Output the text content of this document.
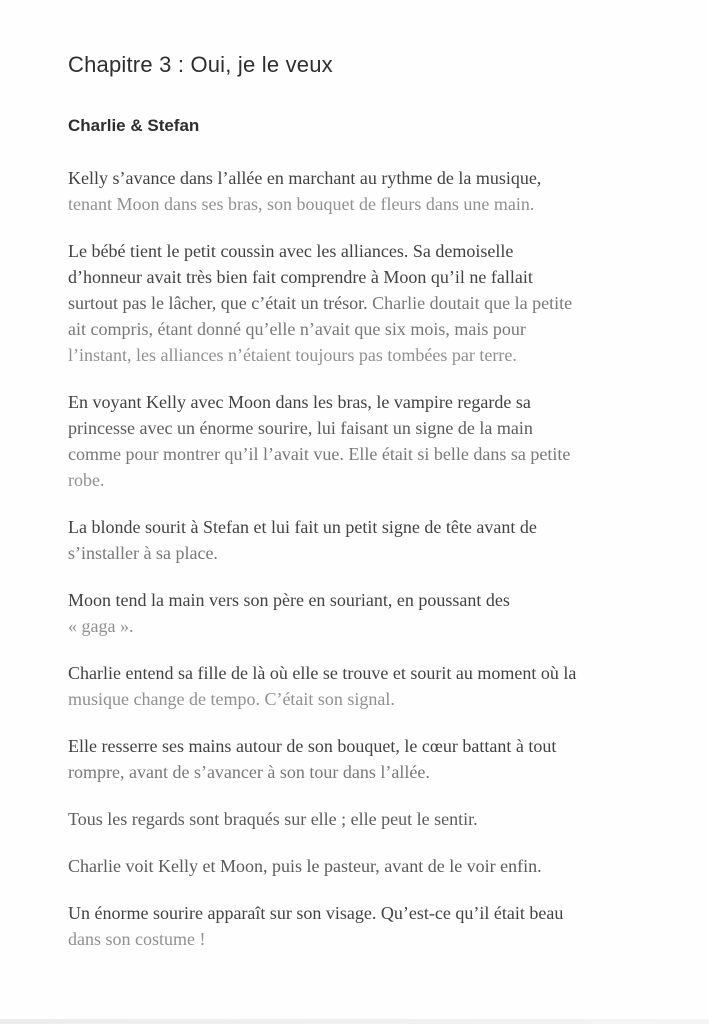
Chapitre 3 : Oui, je le veux
Charlie & Stefan
Kelly s’avance dans l’allée en marchant au rythme de la musique,
tenant Moon dans ses bras, son bouquet de fleurs dans une main.
Le bébé tient le petit coussin avec les alliances. Sa demoiselle
d’honneur avait très bien fait comprendre à Moon qu’il ne fallait
surtout pas le lâcher, que c’était un trésor. Charlie doutait que la petite
ait compris, étant donné qu’elle n’avait que six mois, mais pour
l’instant, les alliances n’étaient toujours pas tombées par terre.
En voyant Kelly avec Moon dans les bras, le vampire regarde sa
princesse avec un énorme sourire, lui faisant un signe de la main
comme pour montrer qu’il l’avait vue. Elle était si belle dans sa petite
robe.
La blonde sourit à Stefan et lui fait un petit signe de tête avant de
s’installer à sa place.
Moon tend la main vers son père en souriant, en poussant des
« gaga ».
Charlie entend sa fille de là où elle se trouve et sourit au moment où la
musique change de tempo. C’était son signal.
Elle resserre ses mains autour de son bouquet, le cœur battant à tout
rompre, avant de s’avancer à son tour dans l’allée.
Tous les regards sont braqués sur elle ; elle peut le sentir.
Charlie voit Kelly et Moon, puis le pasteur, avant de le voir enfin.
Un énorme sourire apparaît sur son visage. Qu’est-ce qu’il était beau
dans son costume !
